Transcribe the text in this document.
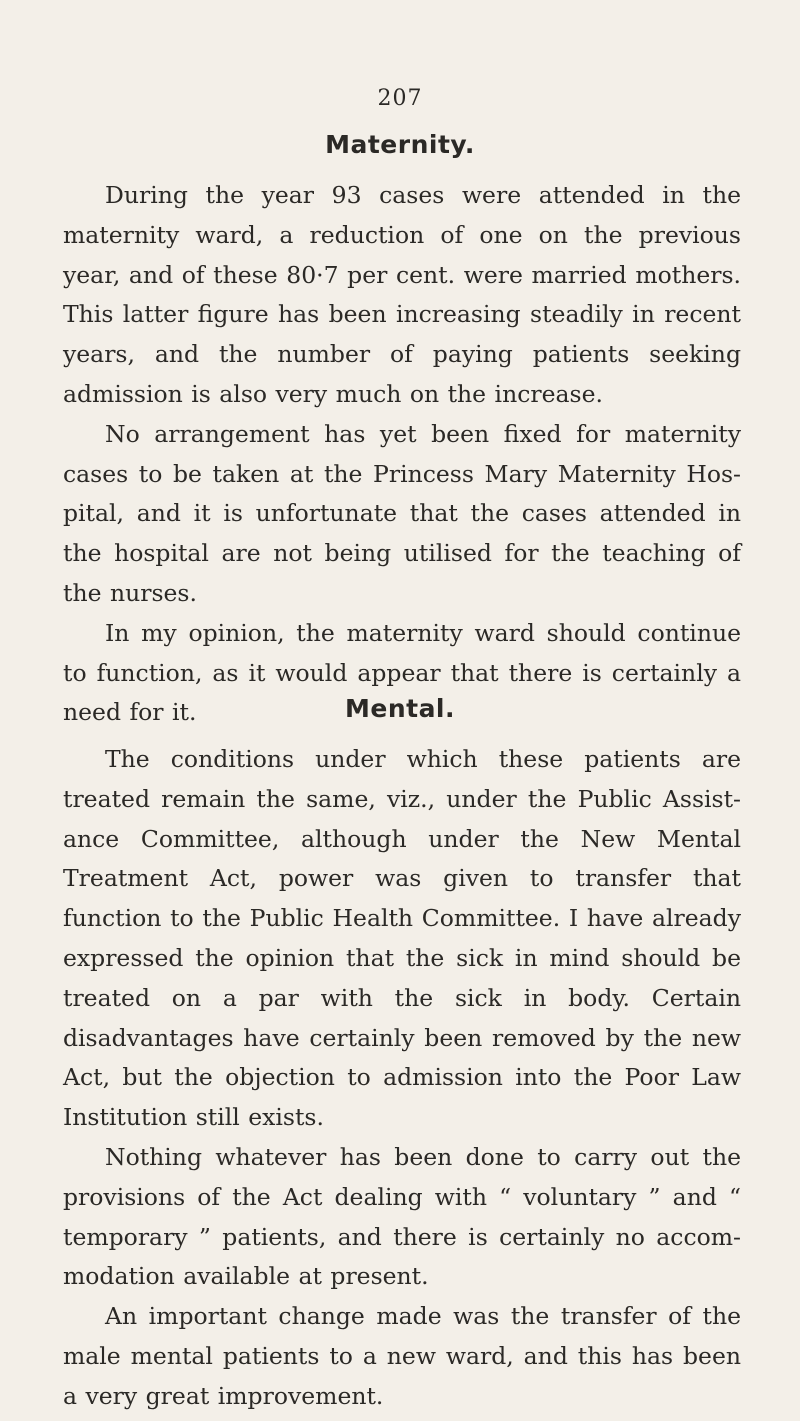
207
Maternity.

During the year 93 cases were attended in the maternity ward, a reduction of one on the previous year, and of these 80·7 per cent. were married mothers. This latter figure has been increasing steadily in recent years, and the number of paying patients seeking admission is also very much on the increase.

No arrangement has yet been fixed for maternity cases to be taken at the Princess Mary Maternity Hospital, and it is unfortunate that the cases attended in the hospital are not being utilised for the teaching of the nurses.

In my opinion, the maternity ward should continue to function, as it would appear that there is certainly a need for it.	Mental.

The conditions under which these patients are treated remain the same, viz., under the Public Assistance Committee, although under the New Mental Treatment Act, power was given to transfer that function to the Public Health Committee. I have already expressed the opinion that the sick in mind should be treated on a par with the sick in body. Certain disadvantages have certainly been removed by the new Act, but the objection to admission into the Poor Law Institution still exists.

Nothing whatever has been done to carry out the provisions of the Act dealing with “ voluntary ” and “ temporary ” patients, and there is certainly no accommodation available at present.

An important change made was the transfer of the male mental patients to a new ward, and this has been a very great improvement.
